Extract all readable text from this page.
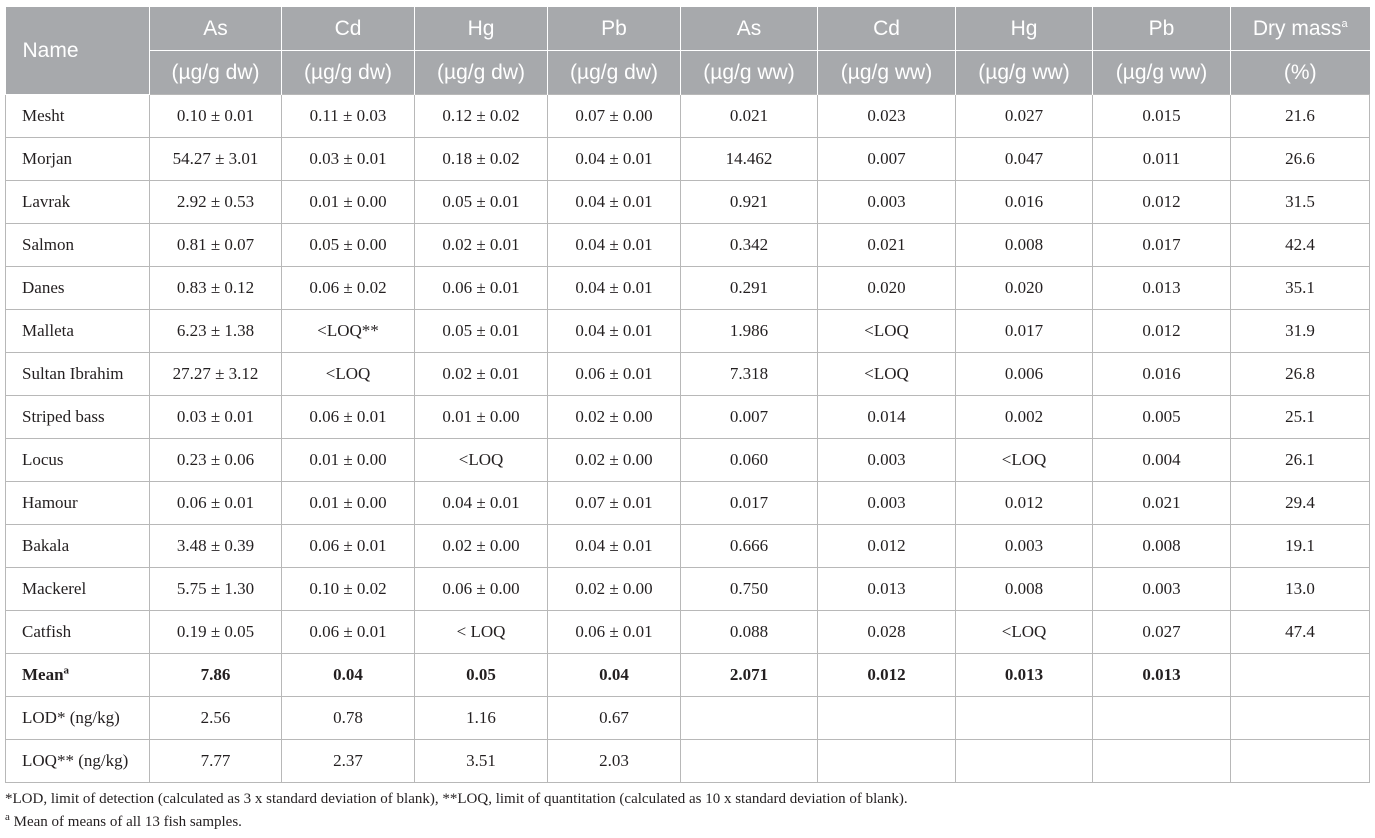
Name	As	Cd	Hg	Pb	As	Cd	Hg	Pb	Dry mass$^a$
	(µg/g dw)	(µg/g dw)	(µg/g dw)	(µg/g dw)	(µg/g ww)	(µg/g ww)	(µg/g ww)	(µg/g ww)	(%)
Mesht	0.10 ± 0.01	0.11 ± 0.03	0.12 ± 0.02	0.07 ± 0.00	0.021	0.023	0.027	0.015	21.6
Morjan	54.27 ± 3.01	0.03 ± 0.01	0.18 ± 0.02	0.04 ± 0.01	14.462	0.007	0.047	0.011	26.6
Lavrak	2.92 ± 0.53	0.01 ± 0.00	0.05 ± 0.01	0.04 ± 0.01	0.921	0.003	0.016	0.012	31.5
Salmon	0.81 ± 0.07	0.05 ± 0.00	0.02 ± 0.01	0.04 ± 0.01	0.342	0.021	0.008	0.017	42.4
Danes	0.83 ± 0.12	0.06 ± 0.02	0.06 ± 0.01	0.04 ± 0.01	0.291	0.020	0.020	0.013	35.1
Malleta	6.23 ± 1.38	<LOQ**	0.05 ± 0.01	0.04 ± 0.01	1.986	<LOQ	0.017	0.012	31.9
Sultan Ibrahim	27.27 ± 3.12	<LOQ	0.02 ± 0.01	0.06 ± 0.01	7.318	<LOQ	0.006	0.016	26.8
Striped bass	0.03 ± 0.01	0.06 ± 0.01	0.01 ± 0.00	0.02 ± 0.00	0.007	0.014	0.002	0.005	25.1
Locus	0.23 ± 0.06	0.01 ± 0.00	<LOQ	0.02 ± 0.00	0.060	0.003	<LOQ	0.004	26.1
Hamour	0.06 ± 0.01	0.01 ± 0.00	0.04 ± 0.01	0.07 ± 0.01	0.017	0.003	0.012	0.021	29.4
Bakala	3.48 ± 0.39	0.06 ± 0.01	0.02 ± 0.00	0.04 ± 0.01	0.666	0.012	0.003	0.008	19.1
Mackerel	5.75 ± 1.30	0.10 ± 0.02	0.06 ± 0.00	0.02 ± 0.00	0.750	0.013	0.008	0.003	13.0
Catfish	0.19 ± 0.05	0.06 ± 0.01	< LOQ	0.06 ± 0.01	0.088	0.028	<LOQ	0.027	47.4
Mean$^a$	7.86	0.04	0.05	0.04	2.071	0.012	0.013	0.013	
LOD* (ng/kg)	2.56	0.78	1.16	0.67					
LOQ** (ng/kg)	7.77	2.37	3.51	2.03					
*LOD, limit of detection (calculated as 3 x standard deviation of blank), **LOQ, limit of quantitation (calculated as 10 x standard deviation of blank).
$^a$ Mean of means of all 13 fish samples.
